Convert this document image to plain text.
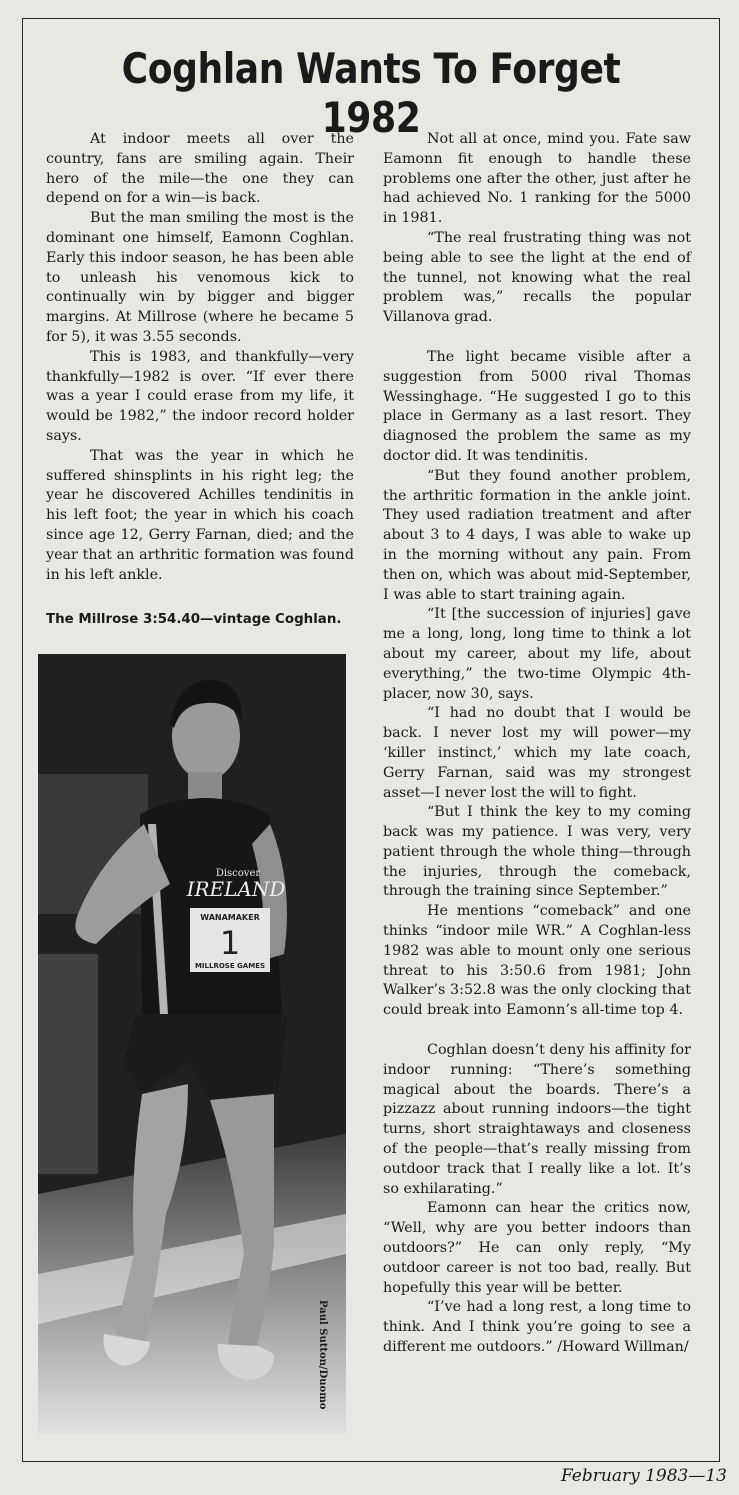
Coghlan Wants To Forget 1982

At indoor meets all over the country, fans are smiling again. Their hero of the mile—the one they can depend on for a win—is back.

But the man smiling the most is the dominant one himself, Eamonn Coghlan. Early this indoor season, he has been able to unleash his venomous kick to continually win by bigger and bigger margins. At Millrose (where he became 5 for 5), it was 3.55 seconds.

This is 1983, and thankfully—very thankfully—1982 is over. “If ever there was a year I could erase from my life, it would be 1982,” the indoor record holder says.

That was the year in which he suffered shinsplints in his right leg; the year he discovered Achilles tendinitis in his left foot; the year in which his coach since age 12, Gerry Farnan, died; and the year that an arthritic formation was found in his left ankle.

The Millrose 3:54.40—vintage Coghlan.
Discover
IRELAND
WANAMAKER
1
MILLROSE GAMES
Paul Sutton/Duomo

Not all at once, mind you. Fate saw Eamonn fit enough to handle these problems one after the other, just after he had achieved No. 1 ranking for the 5000 in 1981.

“The real frustrating thing was not being able to see the light at the end of the tunnel, not knowing what the real problem was,” recalls the popular Villanova grad.

The light became visible after a suggestion from 5000 rival Thomas Wessinghage. “He suggested I go to this place in Germany as a last resort. They diagnosed the problem the same as my doctor did. It was tendinitis.

“But they found another problem, the arthritic formation in the ankle joint. They used radiation treatment and after about 3 to 4 days, I was able to wake up in the morning without any pain. From then on, which was about mid-September, I was able to start training again.

“It [the succession of injuries] gave me a long, long, long time to think a lot about my career, about my life, about everything,” the two-time Olympic 4th-placer, now 30, says.

“I had no doubt that I would be back. I never lost my will power—my ‘killer instinct,’ which my late coach, Gerry Farnan, said was my strongest asset—I never lost the will to fight.

“But I think the key to my coming back was my patience. I was very, very patient through the whole thing—through the injuries, through the comeback, through the training since September.”

He mentions “comeback” and one thinks “indoor mile WR.” A Coghlan-less 1982 was able to mount only one serious threat to his 3:50.6 from 1981; John Walker’s 3:52.8 was the only clocking that could break into Eamonn’s all-time top 4.

Coghlan doesn’t deny his affinity for indoor running: “There’s something magical about the boards. There’s a pizzazz about running indoors—the tight turns, short straightaways and closeness of the people—that’s really missing from outdoor track that I really like a lot. It’s so exhilarating.”

Eamonn can hear the critics now, “Well, why are you better indoors than outdoors?” He can only reply, “My outdoor career is not too bad, really. But hopefully this year will be better.

“I’ve had a long rest, a long time to think. And I think you’re going to see a different me outdoors.” /Howard Willman/

February 1983—13
